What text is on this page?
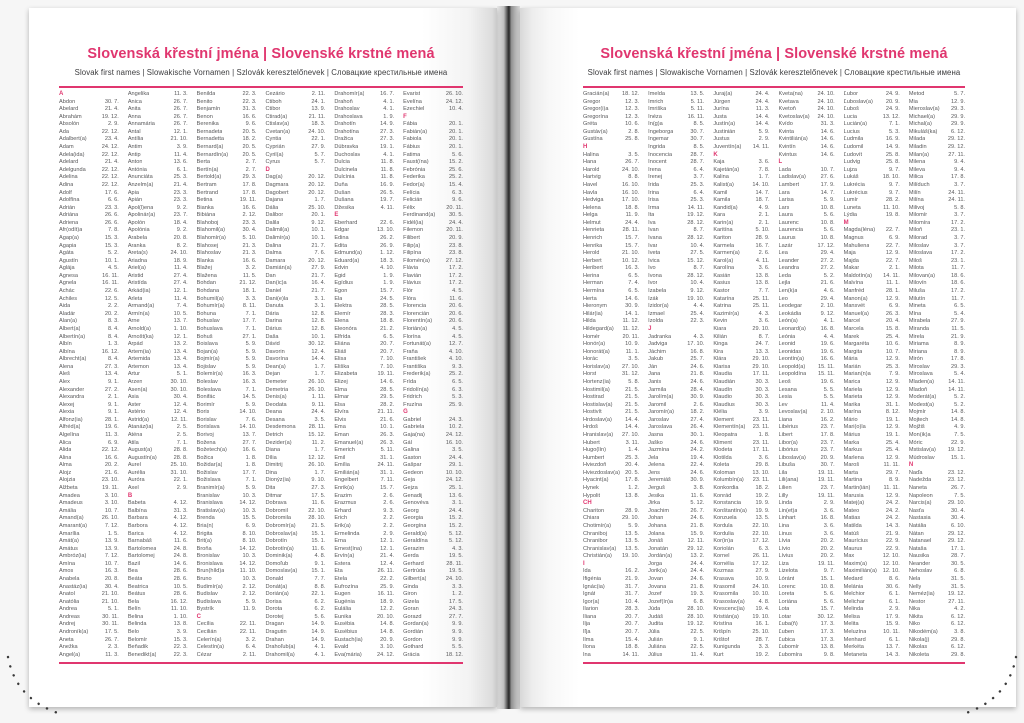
Slovenská křestní jména | Slovenské krstné mená
Slovak first names | Slowakische Vornamen | Szlovák keresztelőnevek | Словацкие крестильные имена
A
Abdon	30. 7.
Abelard	21. 4.
Abrahám	19. 12.
Absolón	2. 9.
Ada	22. 12.
Adalbert(a)	23. 4.
Adam	24. 12.
Adela(ida)	22. 12.
Adelard	21. 4.
Adelgunda	22. 12.
Adelina	22. 12.
Adina	22. 12.
Adolf	17. 6.
Adolfína	6. 6.
Adrián	23. 3.
Adriána	26. 6.
Adriena	26. 6.
Afr(odít)a	7. 8.
Agap(a)	15. 3.
Agapia	15. 3.
Agáta	5. 2.
Agustín	10. 1.
Aglája	4. 5.
Agnesa	16. 11.
Agnela	16. 11.
Achác	22. 6.
Achiles	12. 5.
Aida	2. 2.
Aladár	20. 2.
Alan(a)	8. 3.
Albert(a)	8. 4.
Albertín(a)	8. 4.
Albín	1. 3.
Albína	16. 12.
Albrecht(a)	8. 4.
Alena	27. 3.
Aleš	13. 4.
Alex	9. 1.
Alexander	27. 2.
Alexandra	2. 1.
Alexej	9. 1.
Alexia	9. 1.
Alfonz(ia)	28. 1.
Alfréd(a)	19. 6.
Algelína	11. 3.
Alica	6. 9.
Alida	22. 12.
Alina	16. 6.
Alma	20. 2.
Alojz	21. 6.
Alojzia	23. 10.
Alžbeta	19. 11.
Amadea	3. 10.
Amadeus	3. 10.
Amália	10. 7.
Amand(a)	26. 10.
Amarant(a)	7. 12.
Amarília	1. 5.
Amát(a)	13. 9.
Amátus	13. 9.
Ambróz(ia)	7. 12.
Amína	10. 7.
Amos	16. 3.
Anabela	20. 8.
Anastáz(ia)	30. 4.
Anatol	21. 10.
Anatólia	21. 10.
Andrea	5. 1.
Andreas	30. 11.
Andrej	30. 11.
Androník(a)	17. 5.
Aneta	26. 7.
Anežka	2. 3.
Angel(a)	11. 3.
Angelika	11. 3.
Anica	26. 7.
Anita	26. 7.
Anna	26. 7.
Annamária	26. 7.
Antal	12. 1.
Antília	21. 10.
Antim	3. 9.
Antip	11. 4.
Anton	13. 6.
Antónia	6. 1.
Anunciáta	25. 3.
Anzelm(a)	21. 4.
Apia	23. 3.
Apián	23. 3.
Apol(l)ena	9. 2.
Apolinár(a)	23. 7.
Apolón	18. 4.
Apolónia	9. 2.
Arabela	20. 8.
Aranka	8. 2.
Areta(s)	24. 10.
Ariadna	18. 9.
Ariel(a)	11. 4.
Aristid	27. 4.
Aristída	27. 4.
Arkád(ia)	12. 1.
Arleta	11. 4.
Armand(a)	7. 4.
Armín(a)	10. 5.
Arne	13. 7.
Arnold(a)	1. 10.
Arnošt(ka)	12. 1.
Árpád	13. 2.
Artem(ia)	13. 4.
Artemida	13. 4.
Artemon	13. 4.
Artur	5. 1.
Arzen	30. 10.
Asen(a)	30. 10.
Asia	30. 4.
Aster	12. 4.
Astério	12. 4.
Astrid(a)	12. 11.
Atanáz(ia)	2. 5.
Aténa	2. 5.
Atila	7. 1.
August(a)	28. 8.
Augustín(a)	28. 8.
Aurel	25. 10.
Aurélia	31. 10.
Auróra	22. 1.
Axel	2. 9.
B
Babeta	4. 12.
Balbína	31. 3.
Barbara	4. 12.
Barbora	4. 12.
Barica	4. 12.
Barnabáš	11. 6.
Bartolomea	24. 8.
Bartolomej	24. 8.
Bazil	14. 6.
Bea	28. 6.
Beáta	28. 6.
Beatrica	10. 5.
Beátus	28. 6.
Bela	16. 12.
Belín	11. 10.
Belina	1. 10.
Belinda	13. 8.
Belo	3. 9.
Belomír	15. 3.
Beňadik	22. 3.
Benedikt(a)	22. 3.
Benilda	22. 3.
Benito	22. 3.
Benjamín	31. 3.
Benon	16. 6.
Berenika	9. 6.
Bernadeta	20. 5.
Bernadetta	18. 2.
Bernard(a)	20. 5.
Bernardín(a)	20. 5.
Berta	2. 7.
Bertín(a)	2. 7.
Bertold(a)	29. 3.
Bertram	17. 8.
Bertrand	17. 8.
Betina	19. 11.
Bianka	16. 6.
Bibiána	2. 12.
Blahoboj	23. 3.
Blahomil(a)	30. 4.
Blahomír(a)	5. 10.
Blahosej	21. 3.
Blahoslav	21. 3.
Blanka	16. 6.
Blažej	3. 2.
Blažena	11. 5.
Bohdan	21. 12.
Bohdana	18. 1.
Bohumil(a)	3. 3.
Bohumír(a)	8. 11.
Bohuna	7. 1.
Bohuslav	17. 7.
Bohuslava	7. 1.
Bohuš	27. 1.
Boislava	5. 9.
Bojan(a)	5. 9.
Bojmír(a)	5. 9.
Bojislav	5. 9.
Bolemír(a)	16. 3.
Boleslav	16. 3.
Boleslava	7. 1.
Bonifác	14. 5.
Borimír	5. 9.
Boris	14. 10.
Borislav	7. 6.
Borislava	14. 10.
Borivoj	13. 7.
Božena	27. 7.
Božetech(a)	16. 6.
Božica	1. 8.
Božidar(a)	1. 8.
Božislav	17. 7.
Božislava	7. 1.
Branimír(a)	5. 9.
Branislav	10. 3.
Branislava	14. 12.
Bratislav(a)	10. 3.
Brenda	15. 5.
Bria(n)	6. 9.
Brigita	8. 10.
Brit(a)	8. 10.
Broňa	14. 12.
Bronislav	10. 3.
Bronislava	14. 12.
Brun(híld)a	11. 10.
Bruno	10. 3.
Budimír(a)	2. 12.
Budislav	2. 12.
Budislava	5. 9.
Bystrík	11. 9.
C
Cecília	22. 11.
Cecilián	22. 11.
Celerín(a)	3. 2.
Celestín(a)	6. 4.
Cézar	2. 11.
Cezário	2. 11.
Ctiboh	24. 1.
Ctibor	13. 9.
Ctirad(a)	21. 11.
Ctislav(a)	18. 3.
Cvetan(a)	24. 10.
Cyntia	22. 1.
Cyprián	27. 9.
Cyril(a)	5. 7.
Cyrus	5. 7.
D
Dag(a)	20. 12.
Dagmara	20. 12.
Dagobert	20. 12.
Dajana	1. 7.
Dália	25. 10.
Dalibor	20. 1.
Dalila	9. 12.
Dalimil(a)	10. 1.
Dalimír(a)	10. 1.
Dalina	21. 7.
Dalma	7. 6.
Damara	20. 12.
Damián(a)	27. 9.
Dan	21. 7.
Dan(ic)a	16. 4.
Daniel	21. 7.
Dani(e)la	3. 1.
Danuta	3. 1.
Dária	12. 8.
Darina	12. 8.
Dárius	12. 8.
Daša	10. 1.
Dávid	30. 12.
Davorin	12. 4.
Davorína	14. 4.
Dean(a)	1. 7.
Dejan	1. 7.
Demeter	26. 10.
Demetria	26. 10.
Denis(a)	1. 11.
Deodata	9. 11.
Deana	24. 4.
Desana	3. 5.
Desdemona	28. 11.
Detrich	15. 12.
Dezider(a)	11. 2.
Diana	1. 7.
Dília	12. 12.
Dimitrij	26. 10.
Dina	1. 7.
Dionýz(ia)	9. 10.
Dita	27. 3.
Ditmar	17. 5.
Dobrava	11. 6.
Dobromil	22. 10.
Dobromila	28. 10.
Dobromír(a)	21. 5.
Dobroslav(a)	15. 1.
Dobrotín	15. 1.
Dobrotín(a)	11. 6.
Dominik(a)	4. 8.
Domoľub	9. 1.
Domoslav(a)	15. 1.
Donald	7. 7.
Donát(a)	8. 8.
Dorián(a)	22. 1.
Dorisa	6. 2.
Dorota	6. 2.
Dorotej	5. 6.
Dragan	14. 9.
Dragutin	14. 9.
Drahan	14. 9.
Drahoľub(a)	4. 1.
Drahomil(a)	4. 1.
Drahomír(a)	16. 7.
Drahoň	4. 1.
Drahoslav	4. 1.
Drahoslava	1. 9.
Drahotín	14. 9.
Drahotína	27. 3.
Dražica	27. 3.
Dúbravka	19. 1.
Duchoslav	4. 1.
Dulcia	11. 8.
Dulcinela	11. 8.
Dulcínia	11. 8.
Duňa	16. 9.
Dušan	26. 5.
Dušana	19. 7.
Džesika	4. 11.
E
Eberhard	22. 6.
Edgar	13. 10.
Edina	26. 2.
Edita	26. 9.
Edmund(a)	1. 12.
Eduard(a)	18. 3.
Edvin	4. 10.
Egid	1. 9.
Egídius	1. 9.
Egon	15. 7.
Ela	24. 5.
Elektra	28. 5.
Elemír	28. 3.
Elena	18. 8.
Eleonóra	21. 2.
Elfrída	6. 5.
Eliána	20. 7.
Eliáš	20. 7.
Elisa	7. 10.
Eliška	7. 10.
Elizabeta	19. 11.
Elizej	14. 6.
Elma	28. 5.
Elmar	29. 5.
Elsa	28. 2.
Elvíra	21. 11.
Elvis	21. 6.
Ema	10. 1.
Eman	26. 3.
Emanuel(a)	26. 3.
Emerich	5. 11.
Emil	31. 1.
Emília	24. 11.
Emilián(a)	31. 1.
Engelbert	7. 11.
Enrik(a)	15. 7.
Erazim	2. 6.
Erazmus	2. 6.
Erhard	9. 3.
Erich	2. 2.
Erik(a)	2. 2.
Ermelinda	2. 9.
Erna	12. 1.
Ernest(ína)	12. 1.
Ervín(a)	21. 4.
Estera	12. 4.
Eta	26. 11.
Etela	22. 2.
Eufrozína	25. 9.
Eugen	16. 11.
Eugénia	18. 9.
Eulália	12. 2.
Eunika	20. 10.
Eusébia	14. 8.
Eusébius	14. 8.
Eustach(ia)	20. 9.
Evald	3. 10.
Eva(mária)	24. 12.
Evarist	26. 10.
Evelína	24. 12.
Ezechiel	10. 4.
F
Fábia	20. 1.
Fabián(a)	20. 1.
Fabiola	20. 1.
Fábius	20. 1.
Fatima	5. 6.
Faust(ína)	15. 2.
Febrónia	25. 6.
Federika	25. 2.
Fedor(a)	15. 4.
Felícia	6. 3.
Felicián	9. 6.
Félix	20. 11.
Ferdinand(a)	30. 5.
Fidél(ia)	24. 4.
Filemon	20. 11.
Filibert	20. 9.
Filip(a)	23. 8.
Filipína	23. 8.
Filomén(a)	27. 12.
Flávia	17. 2.
Flavián	17. 2.
Flávius	17. 2.
Flór	4. 5.
Flóra	11. 6.
Florencia	20. 6.
Florencián	20. 6.
Florentín(a)	20. 6.
Florián(a)	4. 5.
Florína	4. 5.
Fortunát(a)	12. 7.
Fraňa	4. 10.
František	4. 10.
Františka	9. 3.
Frederik(a)	25. 2.
Frída	6. 5.
Fridolín(a)	6. 3.
Fridrich	5. 3.
Fruzína	25. 9.
G
Gabriel	24. 3.
Gabriela	10. 2.
Gaja(na)	24. 12.
Gál	16. 10.
Galina	3. 5.
Gaston	24. 4.
Gašpar	29. 1.
Gedeon	10. 10.
Geja	24. 12.
Gejza	25. 1.
Genadij	13. 6.
Genovéva	3. 1.
Georg	24. 4.
Georgia	15. 2.
Georgína	15. 2.
Gerald(a)	5. 12.
Geraldína	5. 12.
Gerazim	4. 3.
Gerda	19. 5.
Gerhard	28. 11.
Gertrúda	19. 5.
Gilbert(a)	24. 10.
Ginda	3. 3.
Giron	1. 2.
Gizela	17. 5.
Goran	24. 3.
Gorazd	27. 7.
Gordan(a)	9. 9.
Gordián	9. 9.
Gordon	9. 9.
Gothard	5. 5.
Grácia	18. 12.
Slovenská křestní jména | Slovenské krstné mená
Slovak first names | Slowakische Vornamen | Szlovák keresztelőnevek | Словацкие крестильные имена
Gracián(a)	18. 12.
Gregor	12. 3.
Gregor(i)a	12. 3.
Gregorína	12. 3.
Gréta	10. 6.
Gustáv(a)	2. 8.
Gustína	25. 8.
H
Halina	3. 5.
Hana	26. 7.
Harold	24. 10.
Hartvig	8. 8.
Havel	16. 10.
Havla	16. 10.
Hedviga	17. 10.
Helena	18. 8.
Helga	11. 9.
Helmut	24. 4.
Henrieta	28. 11.
Henrich	15. 7.
Henrika	15. 7.
Herold	21. 10.
Herbert	10. 12.
Heribert	16. 3.
Herina	6. 5.
Herman	7. 4.
Hermína	6. 5.
Herta	14. 6.
Hieronym	30. 9.
Hilár(ia)	14. 1.
Hilda	11. 12.
Hildegard(a)	11. 12.
Homér	20. 11.
Honór(a)	10. 9.
Honorát(a)	11. 1.
Horác	3. 5.
Horislav(a)	27. 10.
Horst	31. 12.
Hortenz(ia)	5. 8.
Hostimil(a)	21. 5.
Hostirad	21. 5.
Hostislav(a)	21. 5.
Hostivít	21. 5.
Hrdoslav(a)	14. 4.
Hrdoš	14. 4.
Hranislav(a)	27. 10.
Hubert	3. 11.
Hugo(lín)	1. 4.
Humbert	25. 3.
Hviezdoň	20. 4.
Hviezdoslav(a) 20. 5.
Hyacint(a)	17. 8.
Hynek	1. 2.
Hypolit	13. 8.
CH
Chariton	28. 9.
Chiara	29. 10.
Chotimír(a)	5. 9.
Chraniboj	13. 5.
Chranibor	13. 5.
Chranislav(a)	13. 5.
Christián(a)	19. 10.
I
Ida	16. 2.
Ifigénia	21. 9.
Ignác(ia)	31. 7.
Ignát	31. 7.
Igor(a)	10. 4.
Ilarion	28. 3.
Iliana	20. 7.
Ilja	20. 7.
Iľja	20. 7.
Ilma	15. 4.
Ilona	18. 8.
Ina	14. 11.
Imelda	13. 5.
Imrich	5. 11.
Imriška	5. 11.
Inéza	16. 11.
In(g)a	8. 5.
Ingeborga	30. 7.
Ingemar	30. 7.
Ingrida	8. 5.
Inocencia	28. 7.
Inocent	28. 7.
Irena	6. 4.
Irenej	3. 7.
Irida	25. 3.
Irina	6. 4.
Irisa	25. 3.
Irma	14. 11.
Ita	19. 12.
Iva	28. 12.
Ivan	8. 7.
Ivana	28. 12.
Ivar	10. 4.
Iveta	27. 5.
Ivica	15. 12.
Ivo	8. 7.
Ivona	28. 12.
Ivor	10. 4.
Izabela	9. 12.
Izák	19. 10.
Izidor(a)	4. 4.
Izmael	25. 4.
Izolda	22. 3.
J
Jadranka	4. 3.
Jadviga	17. 10.
Jáchim	16. 8.
Jakub	25. 7.
Ján	24. 6.
Jana	21. 8.
Janis	24. 6.
Jarmila	28. 4.
Jarolím(a)	30. 9.
Jaromil	2. 6.
Jaromír(a)	18. 2.
Jaroslav	27. 4.
Jaroslava	26. 4.
Jasna	30. 1.
Jaško	24. 6.
Jazmína	24. 2.
Jela	19. 4.
Jelena	22. 4.
Jens	24. 6.
Jeremiáš	30. 9.
Jerguš	3. 8.
Jesika	11. 6.
Jirka	5. 12.
Joachim	26. 7.
Johan	24. 6.
Johana	21. 8.
Jolana	15. 9.
Jonáš	12. 11.
Jonatán	29. 12.
Jordán(a)	13. 2.
Jorga	24. 4.
Jorik(a)	24. 4.
Jovan	24. 6.
Jovana	21. 8.
Jozef	19. 3.
Jozef(ín)a	6. 8.
Júda	28. 10.
Judáš	28. 10.
Judita	19. 12.
Júlia	22. 5.
Julián	9. 1.
Juliána	22. 5.
Július	11. 4.
Juraj(a)	24. 4.
Jürgen	24. 4.
Jurína	11. 3.
Justa	14. 4.
Justín(a)	14. 4.
Justinián	5. 9.
Justus	2. 9.
Juventín(a)	14. 11.
K
Kaja	3. 6.
Kajetán(a)	7. 8.
Kalina	1. 7.
Kalist(a)	14. 10.
Kamil	14. 7.
Kamila	18. 7.
Kandid(a)	4. 9.
Kara	2. 1.
Karin(a)	2. 1.
Karitína	5. 10.
Kariton	28. 9.
Karmela	16. 7.
Karmen(a)	2. 6.
Karol(a)	4. 11.
Karolína	3. 6.
Kasián	13. 8.
Kasius	13. 8.
Kastor	7. 7.
Katarína	25. 11.
Katrina	25. 11.
Kazimír(a)	4. 3.
Kevin	3. 6.
Kiara	29. 10.
Kilián	8. 7.
Kinga	24. 7.
Kira	13. 3.
Klára	29. 10.
Klarisa	29. 10.
Klaudia	17. 11.
Klaudián	30. 3.
Klaudín	30. 3.
Klaudio	30. 3.
Klaudius	30. 3.
Klélia	3. 9.
Klement	23. 11.
Klementín(a)	23. 11.
Kleopatra	1. 8.
Kliment	23. 11.
Klodeta	17. 11.
Klotilda	3. 6.
Koleta	29. 8.
Koloman	13. 10.
Kolumbín(a)	23. 11.
Konkordia	18. 2.
Konrád	19. 2.
Konstancia	19. 9.
Konštantín(a)	19. 9.
Konzuela	13. 5.
Kordula	22. 10.
Kordulia	22. 10.
Kor(in)a	17. 12.
Koriolán	6. 3.
Kornel	26. 11.
Kornélia	17. 12.
Kozmas	27. 9.
Krasava	10. 9.
Krasomil	24. 10.
Krasomila	10. 10.
Krasoslav(a)	4. 8.
Krescenc(ia)	19. 4.
Kristián(a)	19. 10.
Kristína	16. 1.
Krišpín	25. 10.
Krištof	28. 7.
Kunigunda	3. 3.
Kurt	19. 2.
Kveta(na)	24. 10.
Kvetava	24. 10.
Kvetoň	24. 10.
Kvetoslav(a)	24. 10.
Kvído	31. 3.
Kvinta	14. 6.
Kvintilián(a)	14. 6.
Kvintín	14. 6.
Kvintus	14. 6.
L
Lada	10. 7.
Ladislav(a)	27. 6.
Lambert	17. 9.
Lara	14. 7.
Larisa	5. 9.
Lars	10. 8.
Laura	5. 6.
Laurenc	10. 8.
Laurencia	5. 6.
Laurus	10. 8.
Lazár	17. 12.
Lea	29. 4.
Leander	27. 2.
Leandra	27. 2.
Leda	5. 2.
Lejla	21. 6.
Len(k)a	4. 6.
Leo	29. 4.
Leodegar	2. 10.
Leokádia	9. 12.
León(a)	4. 1.
Leonard(a)	16. 8.
Leónia	4. 4.
Leonid	19. 6.
Leonidas	19. 6.
Leontín(a)	16. 6.
Leopold(a)	15. 11.
Leopoldína	15. 11.
Leoš	19. 6.
Lesana	5. 5.
Lesia	5. 5.
Lev	11. 4.
Levoslav(a)	2. 10.
Liana	16. 2.
Libérius	23. 7.
Libert	17. 8.
Libor(a)	23. 7.
Libórius	23. 7.
Liboslav(a)	20. 9.
Libuša	30. 7.
Lila	19. 11.
Lili(ana)	19. 11.
Lilien	23. 7.
Lilly	19. 11.
Linda	2. 9.
Lin(et)a	3. 6.
Linhart	16. 8.
Lina	3. 6.
Linus	3. 6.
Lívia	20. 2.
Lívio	20. 2.
Lívius	20. 2.
Liza	19. 11.
Lizelota	9. 7.
Lóránt	15. 1.
Lorenc	10. 8.
Loreta	5. 6.
Loriána	5. 6.
Lota	15. 7.
Lotar	30. 12.
Ľuba(ň)	17. 3.
Ľuben	17. 3.
Ľubica	17. 3.
Ľubomír	13. 8.
Ľubomíra	9. 8.
Ľubor	24. 9.
Ľuboslav(a)	20. 9.
Ľuboš	24. 9.
Lucia	13. 12.
Lucián(a)	7. 1.
Lucius	5. 3.
Ľudmila	16. 9.
Ľudomil	14. 9.
Ľudovít	25. 8.
Ludvig	25. 8.
Lujza	9. 7.
Lukáš	18. 10.
Lukrécia	9. 7.
Lukrécius	9. 7.
Lumír	28. 2.
Luneta	11. 10.
Lýdia	19. 8.
M
Magda(léna)	22. 7.
Magnus	6. 9.
Mahuliena	22. 7.
Maja	12. 9.
Majda	22. 7.
Makar	2. 1.
Maldotín(a)	14. 11.
Malvína	11. 1.
Manfréd	28. 1.
Manon(a)	12. 9.
Mansvét	6. 9.
Manuel(a)	26. 3.
Marcel	20. 4.
Marcela	15. 8.
Marek	25. 4.
Margaréta	10. 6.
Margita	10. 7.
Mária	12. 9.
Marián	25. 3.
Marian(n)a	7. 9.
Marica	12. 9.
Mariela	12. 9.
Marieta	12. 9.
Marika	31. 1.
Marína	8. 12.
Mário	19. 1.
Mari(o)la	12. 9.
Márius	19. 1.
Marka	25. 4.
Markus	25. 4.
Marlena	12. 9.
Maroš	11. 11.
Marta	29. 7.
Martina	8. 9.
Martin(ián)	11. 11.
Marusia	12. 9.
Matej(a)	24. 2.
Mateo	24. 2.
Matias	24. 2.
Matilda	14. 3.
Matúš	21. 9.
Maurícius	22. 9.
Maurus	22. 9.
Max	12. 10.
Maxim(a)	12. 10.
Maximilián(a)	12. 10.
Medard	8. 6.
Melánia	30. 6.
Melchior	6. 1.
Melichar	6. 1.
Melinda	2. 9.
Melisa	17. 9.
Melita	15. 9.
Meluzína	10. 11.
Menhard	6. 1.
Merkéta	13. 7.
Metaneta	14. 3.
Metod	5. 7.
Mia	12. 9.
Mieroslav(a)	29. 3.
Michael(a)	29. 9.
Michal(a)	29. 9.
Mikuláš(ka)	6. 12.
Milada	29. 12.
Miladin	29. 12.
Milan(a)	27. 11.
Milena	9. 4.
Mileva	9. 4.
Milica	17. 8.
Milíduch	3. 7.
Milín	24. 11.
Milína	24. 11.
Milivoj	5. 8.
Milomír	3. 7.
Milomíra	17. 2.
Miloň	23. 1.
Milorad	3. 7.
Miloslav	3. 7.
Miloslava	17. 2.
Miloš	23. 1.
Milota	11. 7.
Milovan(a)	18. 6.
Milovín	18. 6.
Miluša	17. 2.
Milutín	11. 7.
Mineta	6. 5.
Mína	5. 4.
Mirabela	27. 9.
Miranda	11. 5.
Mirela	21. 9.
Miriama	8. 9.
Miriana	8. 9.
Mirón	17. 8.
Miroslav	29. 3.
Miroslava	5. 4.
Mladen(a)	14. 11.
Mladoň	14. 11.
Moderát(a)	5. 2.
Modest(a)	5. 2.
Mojmír	14. 8.
Mojtech	14. 8.
Mojžiš	4. 9.
Mon(ik)a	7. 5.
Móric	22. 9.
Mstislav(a)	19. 12.
Múdroslav	15. 1.
N
Naďa	23. 12.
Nadežda	23. 12.
Naneta	26. 7.
Napoleon	7. 5.
Narcis(a)	29. 10.
Nasťa	30. 4.
Nastasia	30. 4.
Natália	6. 10.
Nátan	29. 12.
Natanael	29. 12.
Nataša	17. 1.
Nausika	28. 7.
Neander	30. 5.
Nehoslav	6. 8.
Nela	31. 5.
Nelly	31. 5.
Neméz(ia)	19. 12.
Nestor	27. 11.
Nika	4. 2.
Nikita	6. 12.
Niko	6. 12.
Nikodém(a)	3. 8.
Nikola(j)	29. 8.
Nikolas	6. 12.
Nikoleta	29. 8.
